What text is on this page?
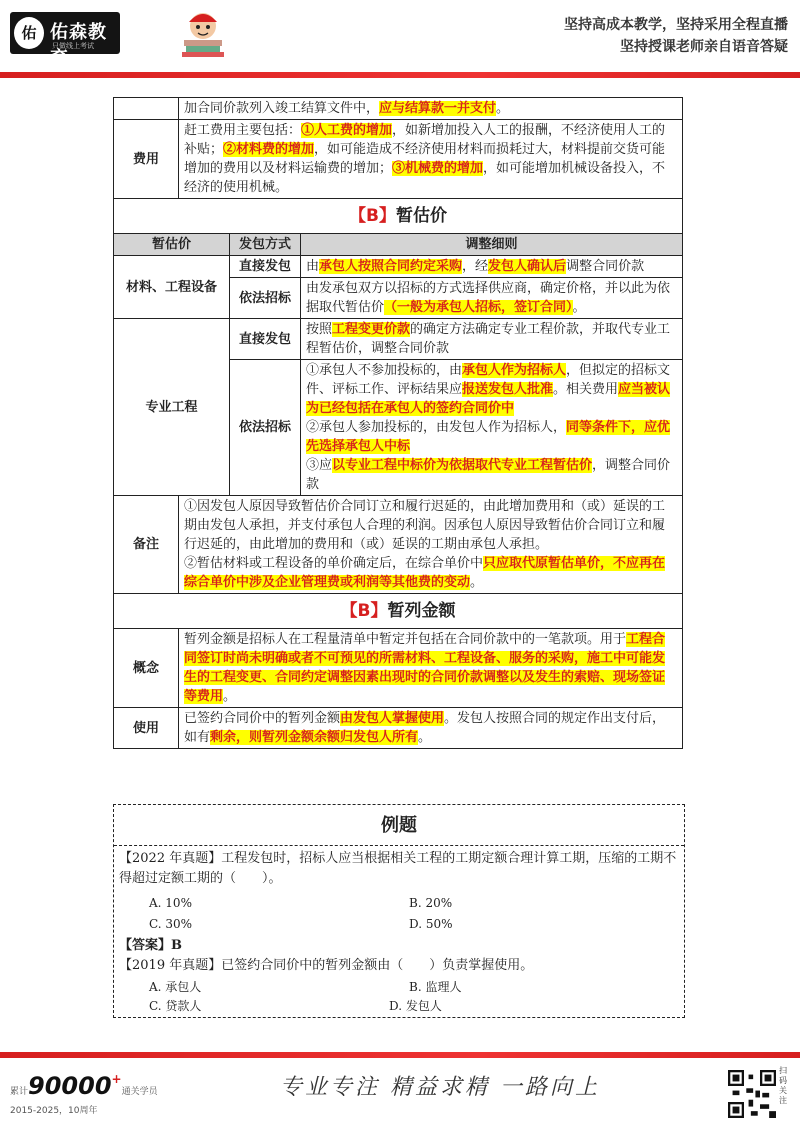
佑 佑森教育
只做线上考试
坚持高成本教学，坚持采用全程直播
坚持授课老师亲自语音答疑
	加合同价款列入竣工结算文件中，应与结算款一并支付。		
费用	赶工费用主要包括：①人工费的增加，如新增加投入人工的报酬，不经济使用人工的补贴；②材料费的增加，如可能造成不经济使用材料而损耗过大，材料提前交货可能增加的费用以及材料运输费的增加；③机械费的增加，如可能增加机械设备投入，不经济的使用机械。		
【B】暂估价			
暂估价		发包方式	调整细则
材料、工程设备		直接发包	由承包人按照合同约定采购，经发包人确认后调整合同价款
		依法招标	由发承包双方以招标的方式选择供应商，确定价格，并以此为依据取代暂估价（一般为承包人招标，签订合同）。
专业工程		直接发包	按照工程变更价款的确定方法确定专业工程价款，并取代专业工程暂估价，调整合同价款
		依法招标	①承包人不参加投标的，由承包人作为招标人，但拟定的招标文件、评标工作、评标结果应报送发包人批准。相关费用应当被认为已经包括在承包人的签约合同价中
②承包人参加投标的，由发包人作为招标人，同等条件下，应优先选择承包人中标
③应以专业工程中标价为依据取代专业工程暂估价，调整合同价款
备注	①因发包人原因导致暂估价合同订立和履行迟延的，由此增加费用和（或）延误的工期由发包人承担，并支付承包人合理的利润。因承包人原因导致暂估价合同订立和履行迟延的，由此增加的费用和（或）延误的工期由承包人承担。
②暂估材料或工程设备的单价确定后，在综合单价中只应取代原暂估单价，不应再在综合单价中涉及企业管理费或利润等其他费的变动。		
【B】暂列金额			
概念	暂列金额是招标人在工程量清单中暂定并包括在合同价款中的一笔款项。用于工程合同签订时尚未明确或者不可预见的所需材料、工程设备、服务的采购，施工中可能发生的工程变更、合同约定调整因素出现时的合同价款调整以及发生的索赔、现场签证等费用。		
使用	已签约合同价中的暂列金额由发包人掌握使用。发包人按照合同的规定作出支付后，如有剩余，则暂列金额余额归发包人所有。		
例题
【2022 年真题】工程发包时，招标人应当根据相关工程的工期定额合理计算工期，压缩的工期不得超过定额工期的（　　）。
A. 10%	B. 20%
C. 30%	D. 50%
【答案】B
【2019 年真题】已签约合同价中的暂列金额由（　　）负责掌握使用。
A. 承包人	B. 监理人
C. 贷款人	D. 发包人
累计90000+通关学员
2015-2025，10周年
专业专注 精益求精 一路向上
扫码关注
